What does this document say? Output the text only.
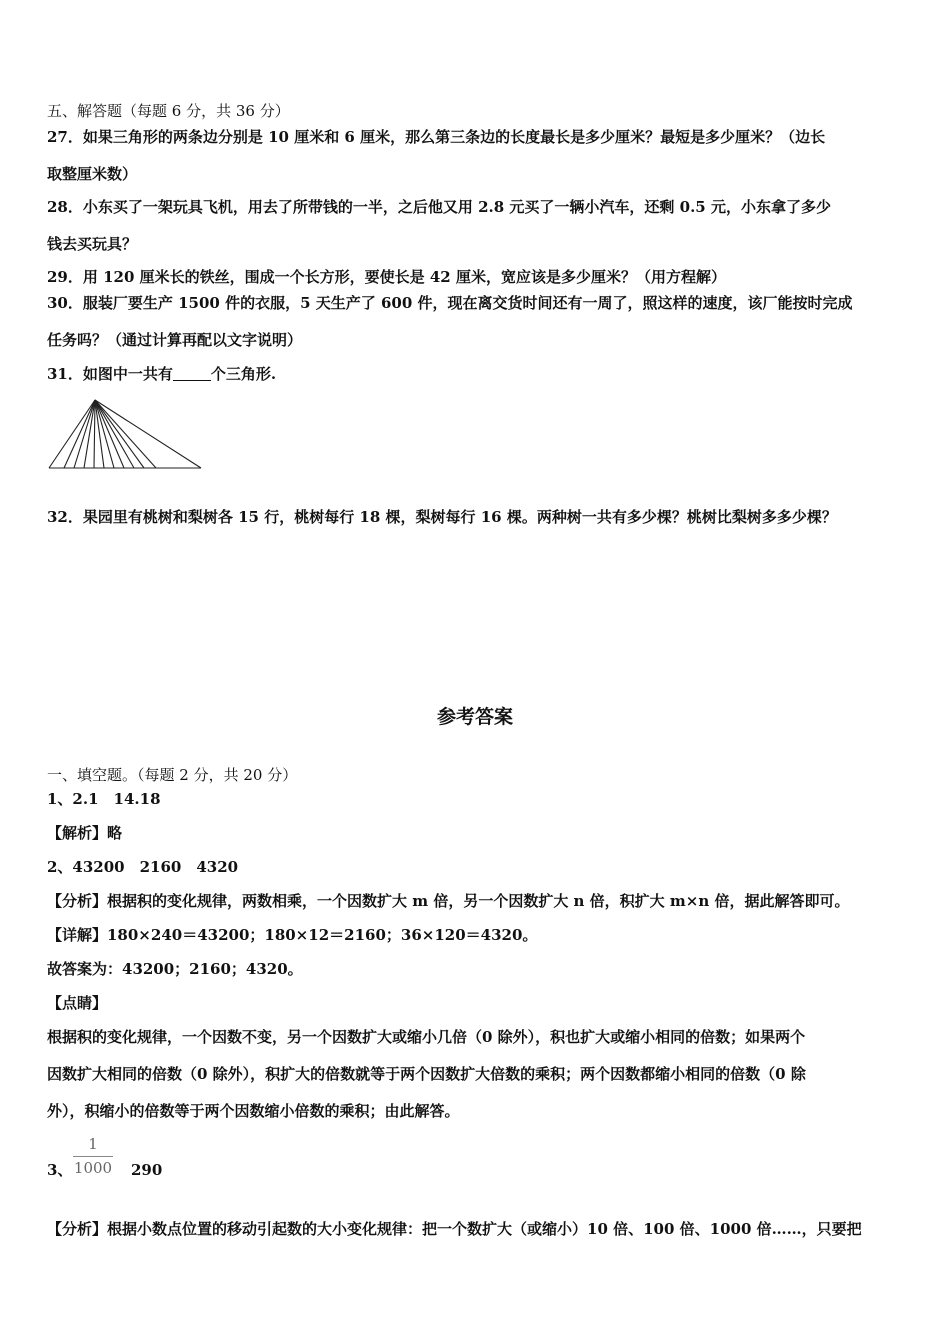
五、解答题（每题 6 分，共 36 分）
27．如果三角形的两条边分别是 10 厘米和 6 厘米，那么第三条边的长度最长是多少厘米？最短是多少厘米？（边长
取整厘米数）
28．小东买了一架玩具飞机，用去了所带钱的一半，之后他又用 2.8 元买了一辆小汽车，还剩 0.5 元，小东拿了多少
钱去买玩具？
29．用 120 厘米长的铁丝，围成一个长方形，要使长是 42 厘米，宽应该是多少厘米？（用方程解）
30．服装厂要生产 1500 件的衣服，5 天生产了 600 件，现在离交货时间还有一周了，照这样的速度，该厂能按时完成
任务吗？（通过计算再配以文字说明）
31．如图中一共有	个三角形.
32．果园里有桃树和梨树各 15 行，桃树每行 18 棵，梨树每行 16 棵。两种树一共有多少棵？桃树比梨树多多少棵？
参考答案
一、填空题。（每题 2 分，共 20 分）
1、2.1　14.18
【解析】略
2、43200　2160　4320
【分析】根据积的变化规律，两数相乘，一个因数扩大 m 倍，另一个因数扩大 n 倍，积扩大 m×n 倍，据此解答即可。
【详解】180×240＝43200；180×12＝2160；36×120＝4320。
故答案为：43200；2160；4320。
【点睛】
根据积的变化规律，一个因数不变，另一个因数扩大或缩小几倍（0 除外），积也扩大或缩小相同的倍数；如果两个
因数扩大相同的倍数（0 除外），积扩大的倍数就等于两个因数扩大倍数的乘积；两个因数都缩小相同的倍数（0 除
外），积缩小的倍数等于两个因数缩小倍数的乘积；由此解答。
3、
1
1000 290
【分析】根据小数点位置的移动引起数的大小变化规律：把一个数扩大（或缩小）10 倍、100 倍、1000 倍……，只要把
